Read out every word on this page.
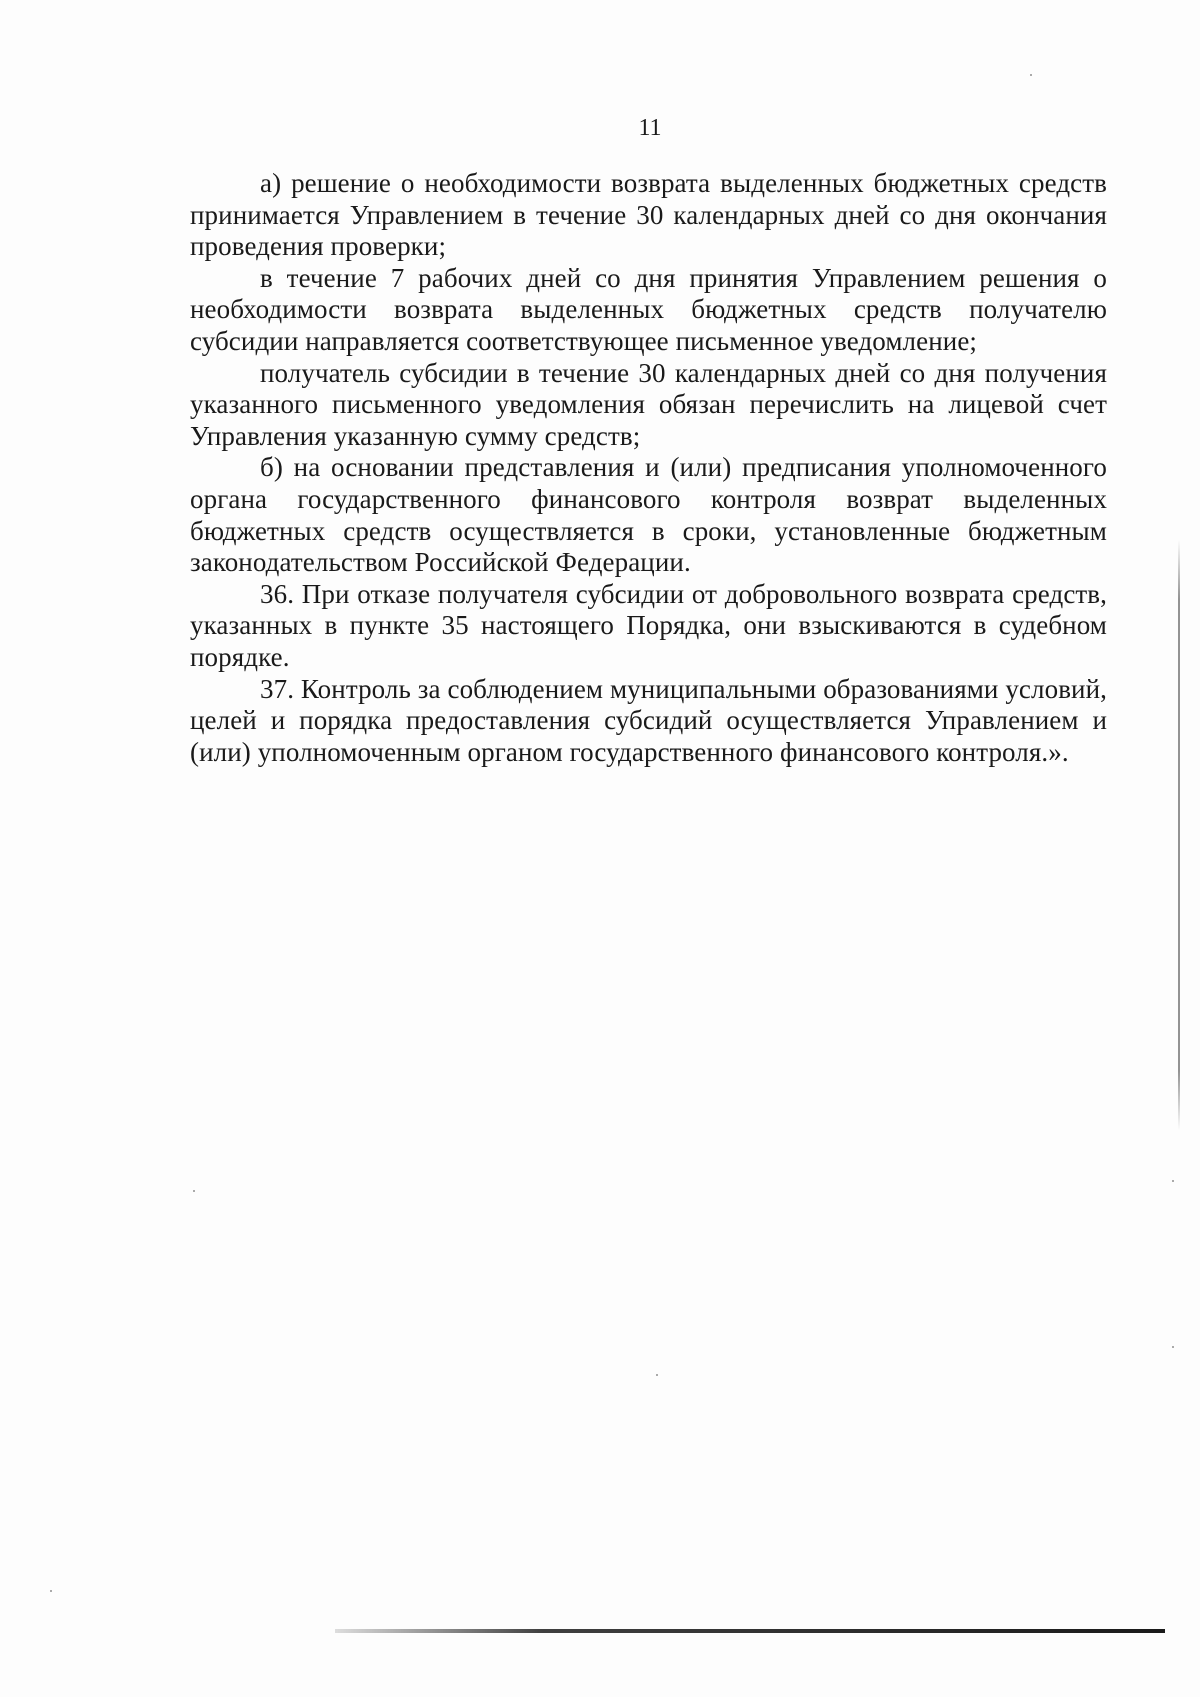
11

а) решение о необходимости возврата выделенных бюджетных средств принимается Управлением в течение 30 календарных дней со дня окончания проведения проверки;

в течение 7 рабочих дней со дня принятия Управлением решения о необходимости возврата выделенных бюджетных средств получателю субсидии направляется соответствующее письменное уведомление;

получатель субсидии в течение 30 календарных дней со дня получения указанного письменного уведомления обязан перечислить на лицевой счет Управления указанную сумму средств;

б) на основании представления и (или) предписания уполномоченного органа государственного финансового контроля возврат выделенных бюджетных средств осуществляется в сроки, установленные бюджетным законодательством Российской Федерации.

36. При отказе получателя субсидии от добровольного возврата средств, указанных в пункте 35 настоящего Порядка, они взыскиваются в судебном порядке.

37. Контроль за соблюдением муниципальными образованиями условий, целей и порядка предоставления субсидий осуществляется Управлением и (или) уполномоченным органом государственного финансового контроля.».
